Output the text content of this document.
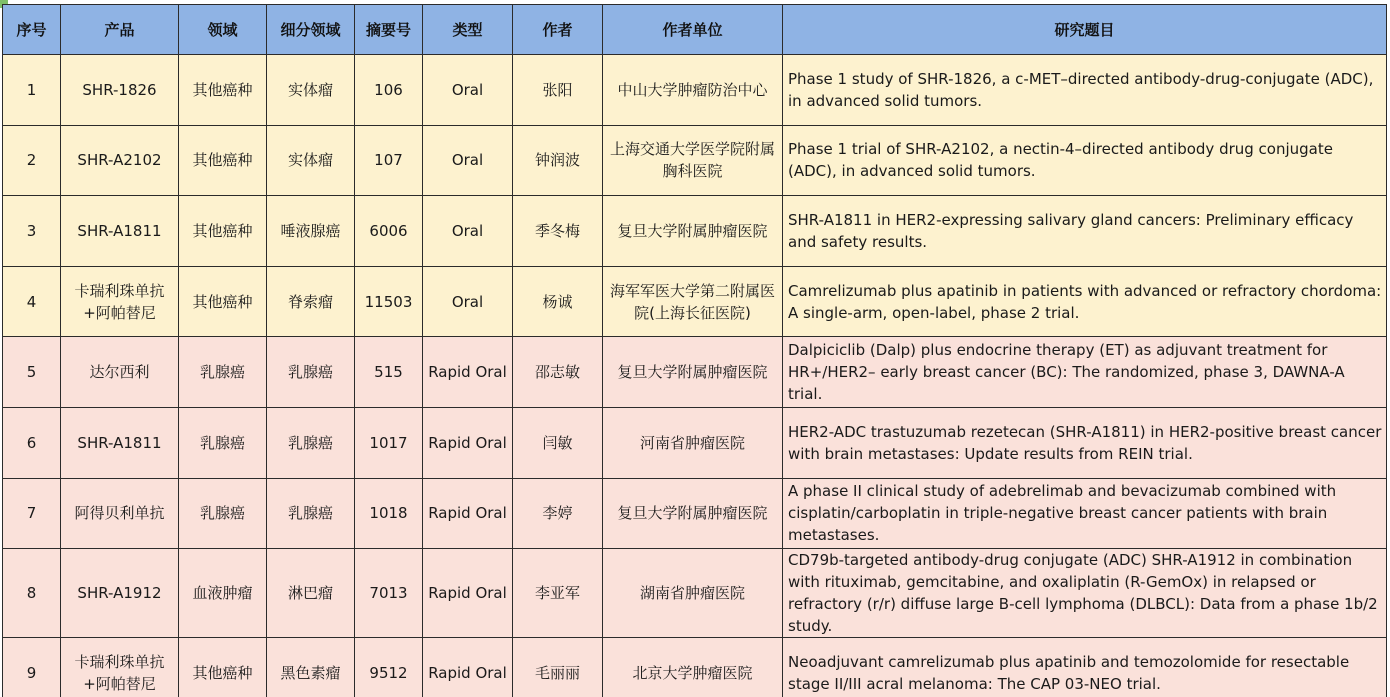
序号	产品	领域	细分领域	摘要号	类型	作者	作者单位	研究题目
1	SHR-1826	其他癌种	实体瘤	106	Oral	张阳	中山大学肿瘤防治中心	Phase 1 study of SHR-1826, a c-MET–directed antibody-drug-conjugate (ADC), in advanced solid tumors.
2	SHR-A2102	其他癌种	实体瘤	107	Oral	钟润波	上海交通大学医学院附属胸科医院	Phase 1 trial of SHR-A2102, a nectin-4–directed antibody drug conjugate (ADC), in advanced solid tumors.
3	SHR-A1811	其他癌种	唾液腺癌	6006	Oral	季冬梅	复旦大学附属肿瘤医院	SHR-A1811 in HER2-expressing salivary gland cancers: Preliminary efficacy and safety results.
4	卡瑞利珠单抗+阿帕替尼	其他癌种	脊索瘤	11503	Oral	杨诚	海军军医大学第二附属医院(上海长征医院)	Camrelizumab plus apatinib in patients with advanced or refractory chordoma: A single-arm, open-label, phase 2 trial.
5	达尔西利	乳腺癌	乳腺癌	515	Rapid Oral	邵志敏	复旦大学附属肿瘤医院	Dalpiciclib (Dalp) plus endocrine therapy (ET) as adjuvant treatment for HR+/HER2– early breast cancer (BC): The randomized, phase 3, DAWNA-A trial.
6	SHR-A1811	乳腺癌	乳腺癌	1017	Rapid Oral	闫敏	河南省肿瘤医院	HER2-ADC trastuzumab rezetecan (SHR-A1811) in HER2-positive breast cancer with brain metastases: Update results from REIN trial.
7	阿得贝利单抗	乳腺癌	乳腺癌	1018	Rapid Oral	李婷	复旦大学附属肿瘤医院	A phase II clinical study of adebrelimab and bevacizumab combined with cisplatin/carboplatin in triple-negative breast cancer patients with brain metastases.
8	SHR-A1912	血液肿瘤	淋巴瘤	7013	Rapid Oral	李亚军	湖南省肿瘤医院	CD79b-targeted antibody-drug conjugate (ADC) SHR-A1912 in combination with rituximab, gemcitabine, and oxaliplatin (R-GemOx) in relapsed or refractory (r/r) diffuse large B-cell lymphoma (DLBCL): Data from a phase 1b/2 study.
9	卡瑞利珠单抗+阿帕替尼	其他癌种	黑色素瘤	9512	Rapid Oral	毛丽丽	北京大学肿瘤医院	Neoadjuvant camrelizumab plus apatinib and temozolomide for resectable stage II/III acral melanoma: The CAP 03-NEO trial.
